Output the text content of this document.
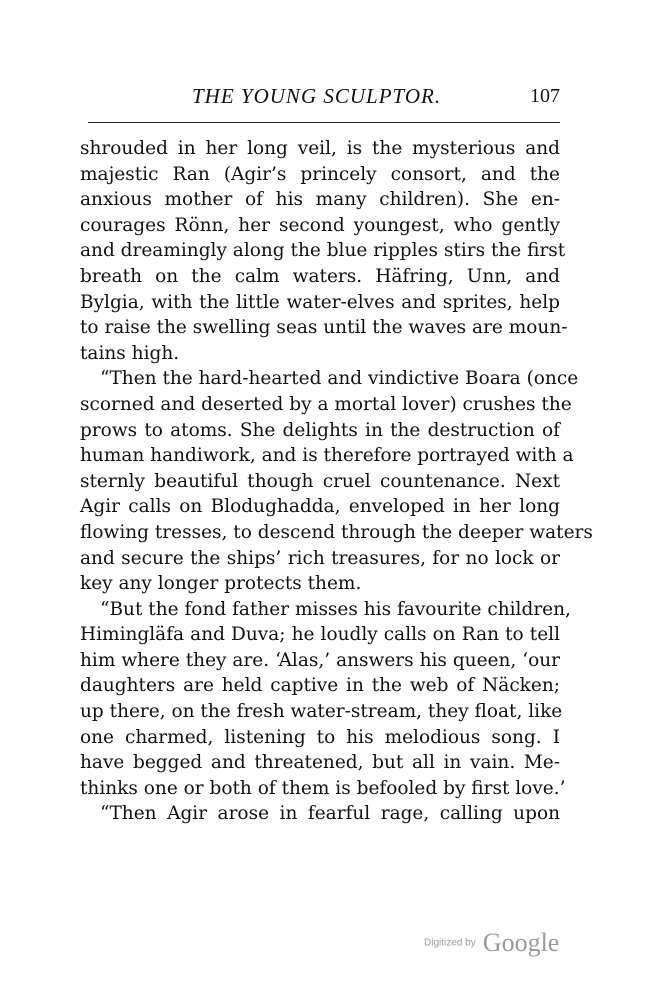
THE YOUNG SCULPTOR.	107
shrouded in her long veil, is the mysterious and
majestic Ran (Agir’s princely consort, and the
anxious mother of his many children). She en-
courages Rönn, her second youngest, who gently
and dreamingly along the blue ripples stirs the first
breath on the calm waters. Häfring, Unn, and
Bylgia, with the little water-elves and sprites, help
to raise the swelling seas until the waves are moun-
tains high.
“Then the hard-hearted and vindictive Boara (once
scorned and deserted by a mortal lover) crushes the
prows to atoms. She delights in the destruction of
human handiwork, and is therefore portrayed with a
sternly beautiful though cruel countenance. Next
Agir calls on Blodughadda, enveloped in her long
flowing tresses, to descend through the deeper waters
and secure the ships’ rich treasures, for no lock or
key any longer protects them.
“But the fond father misses his favourite children,
Himingläfa and Duva; he loudly calls on Ran to tell
him where they are. ‘Alas,’ answers his queen, ‘our
daughters are held captive in the web of Näcken;
up there, on the fresh water-stream, they float, like
one charmed, listening to his melodious song. I
have begged and threatened, but all in vain. Me-
thinks one or both of them is befooled by first love.’
“Then Agir arose in fearful rage, calling upon
Digitized by Google
